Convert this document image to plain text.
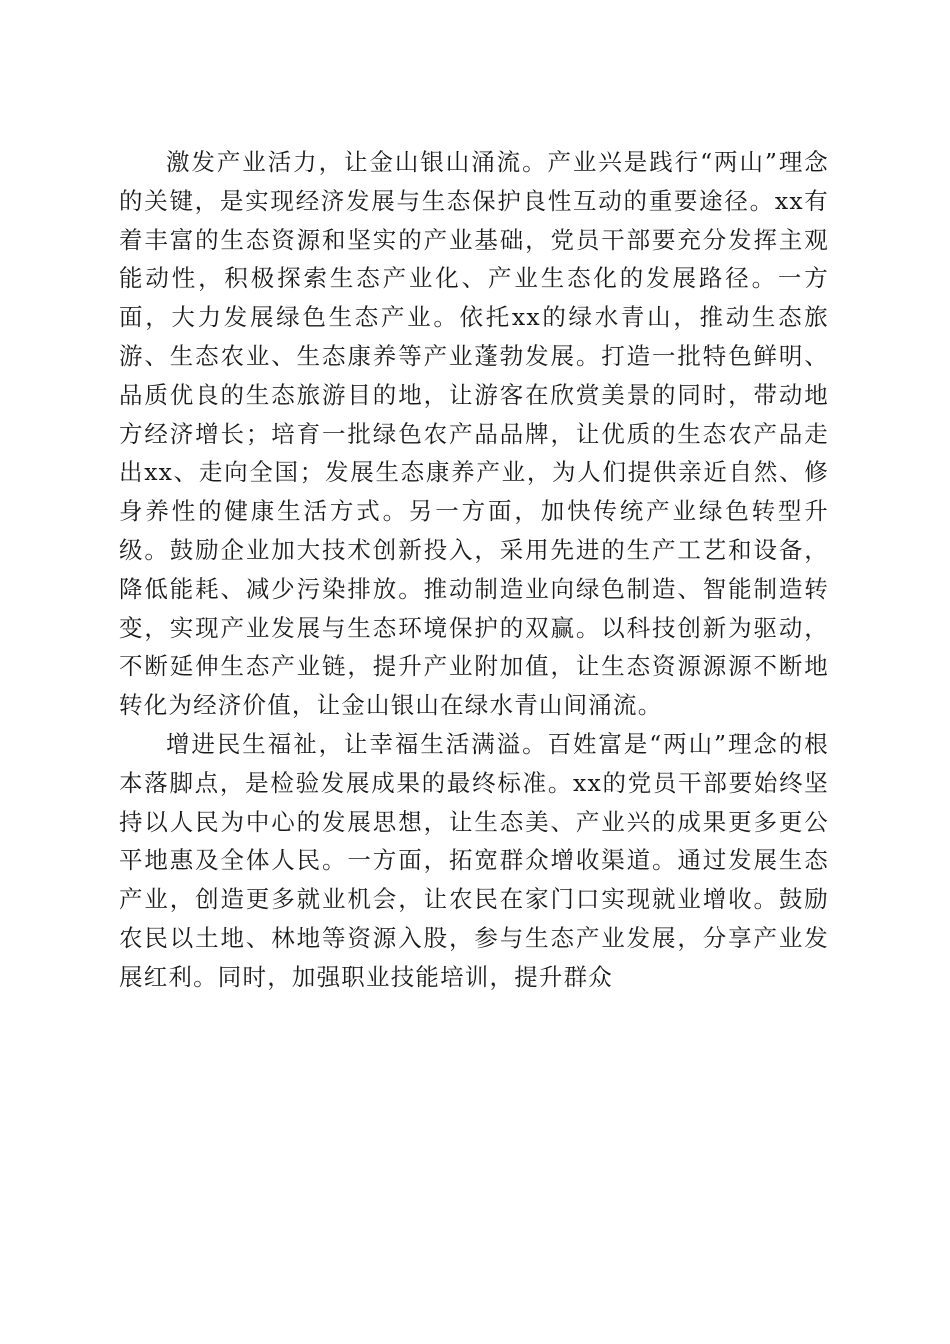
激发产业活力，让金山银山涌流。产业兴是践行“两山”理念的关键，是实现经济发展与生态保护良性互动的重要途径。xx有着丰富的生态资源和坚实的产业基础，党员干部要充分发挥主观能动性，积极探索生态产业化、产业生态化的发展路径。一方面，大力发展绿色生态产业。依托xx的绿水青山，推动生态旅游、生态农业、生态康养等产业蓬勃发展。打造一批特色鲜明、品质优良的生态旅游目的地，让游客在欣赏美景的同时，带动地方经济增长；培育一批绿色农产品品牌，让优质的生态农产品走出xx、走向全国；发展生态康养产业，为人们提供亲近自然、修身养性的健康生活方式。另一方面，加快传统产业绿色转型升级。鼓励企业加大技术创新投入，采用先进的生产工艺和设备，降低能耗、减少污染排放。推动制造业向绿色制造、智能制造转变，实现产业发展与生态环境保护的双赢。以科技创新为驱动，不断延伸生态产业链，提升产业附加值，让生态资源源源不断地转化为经济价值，让金山银山在绿水青山间涌流。

增进民生福祉，让幸福生活满溢。百姓富是“两山”理念的根本落脚点，是检验发展成果的最终标准。xx的党员干部要始终坚持以人民为中心的发展思想，让生态美、产业兴的成果更多更公平地惠及全体人民。一方面，拓宽群众增收渠道。通过发展生态产业，创造更多就业机会，让农民在家门口实现就业增收。鼓励农民以土地、林地等资源入股，参与生态产业发展，分享产业发展红利。同时，加强职业技能培训，提升群众
